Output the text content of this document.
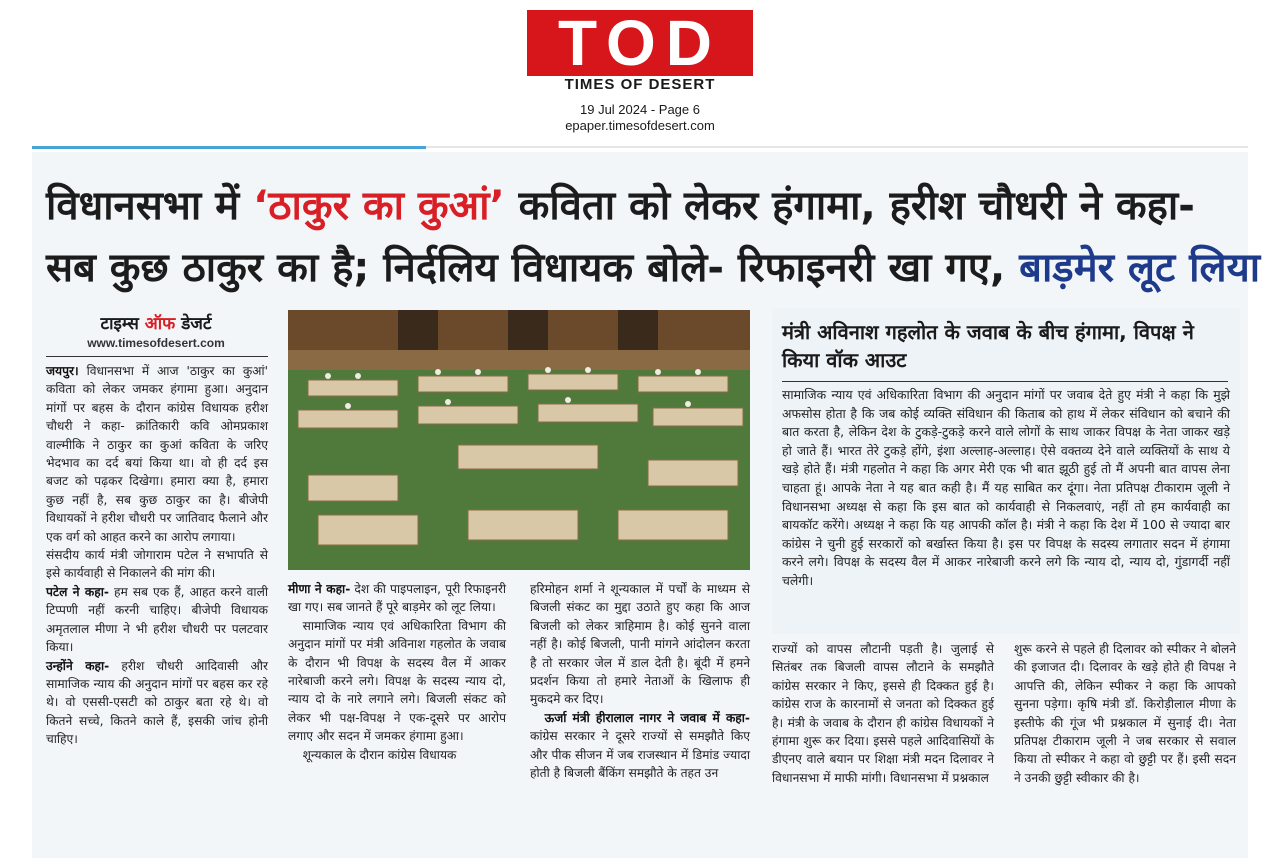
TOD
TIMES OF DESERT
19 Jul 2024 - Page 6
epaper.timesofdesert.com
विधानसभा में ‘ठाकुर का कुआं’ कविता को लेकर हंगामा, हरीश चौधरी ने कहा-
सब कुछ ठाकुर का है; निर्दलिय विधायक बोले- रिफाइनरी खा गए, बाड़मेर लूट लिया
टाइम्स ऑफ डेजर्ट
www.timesofdesert.com

जयपुर। विधानसभा में आज 'ठाकुर का कुआं' कविता को लेकर जमकर हंगामा हुआ। अनुदान मांगों पर बहस के दौरान कांग्रेस विधायक हरीश चौधरी ने कहा- क्रांतिकारी कवि ओमप्रकाश वाल्मीकि ने ठाकुर का कुआं कविता के जरिए भेदभाव का दर्द बयां किया था। वो ही दर्द इस बजट को पढ़कर दिखेगा। हमारा क्या है, हमारा कुछ नहीं है, सब कुछ ठाकुर का है। बीजेपी विधायकों ने हरीश चौधरी पर जातिवाद फैलाने और एक वर्ग को आहत करने का आरोप लगाया।

संसदीय कार्य मंत्री जोगाराम पटेल ने सभापति से इसे कार्यवाही से निकालने की मांग की।

पटेल ने कहा- हम सब एक हैं, आहत करने वाली टिप्पणी नहीं करनी चाहिए। बीजेपी विधायक अमृतलाल मीणा ने भी हरीश चौधरी पर पलटवार किया।

उन्होंने कहा- हरीश चौधरी आदिवासी और सामाजिक न्याय की अनुदान मांगों पर बहस कर रहे थे। वो एससी-एसटी को ठाकुर बता रहे थे। वो कितने सच्चे, कितने काले हैं, इसकी जांच होनी चाहिए।

मीणा ने कहा- देश की पाइपलाइन, पूरी रिफाइनरी खा गए। सब जानते हैं पूरे बाड़मेर को लूट लिया।

सामाजिक न्याय एवं अधिकारिता विभाग की अनुदान मांगों पर मंत्री अविनाश गहलोत के जवाब के दौरान भी विपक्ष के सदस्य वैल में आकर नारेबाजी करने लगे। विपक्ष के सदस्य न्याय दो, न्याय दो के नारे लगाने लगे। बिजली संकट को लेकर भी पक्ष-विपक्ष ने एक-दूसरे पर आरोप लगाए और सदन में जमकर हंगामा हुआ।

शून्यकाल के दौरान कांग्रेस विधायक

हरिमोहन शर्मा ने शून्यकाल में पर्चों के माध्यम से बिजली संकट का मुद्दा उठाते हुए कहा कि आज बिजली को लेकर त्राहिमाम है। कोई सुनने वाला नहीं है। कोई बिजली, पानी मांगने आंदोलन करता है तो सरकार जेल में डाल देती है। बूंदी में हमने प्रदर्शन किया तो हमारे नेताओं के खिलाफ ही मुकदमे कर दिए।

ऊर्जा मंत्री हीरालाल नागर ने जवाब में कहा- कांग्रेस सरकार ने दूसरे राज्यों से समझौते किए और पीक सीजन में जब राजस्थान में डिमांड ज्यादा होती है बिजली बैंकिंग समझौते के तहत उन

मंत्री अविनाश गहलोत के जवाब के बीच हंगामा, विपक्ष ने किया वॉक आउट

सामाजिक न्याय एवं अधिकारिता विभाग की अनुदान मांगों पर जवाब देते हुए मंत्री ने कहा कि मुझे अफसोस होता है कि जब कोई व्यक्ति संविधान की किताब को हाथ में लेकर संविधान को बचाने की बात करता है, लेकिन देश के टुकड़े-टुकड़े करने वाले लोगों के साथ जाकर विपक्ष के नेता जाकर खड़े हो जाते हैं। भारत तेरे टुकड़े होंगे, इंशा अल्लाह-अल्लाह। ऐसे वक्तव्य देने वाले व्यक्तियों के साथ ये खड़े होते हैं। मंत्री गहलोत ने कहा कि अगर मेरी एक भी बात झूठी हुई तो मैं अपनी बात वापस लेना चाहता हूं। आपके नेता ने यह बात कही है। मैं यह साबित कर दूंगा। नेता प्रतिपक्ष टीकाराम जूली ने विधानसभा अध्यक्ष से कहा कि इस बात को कार्यवाही से निकलवाएं, नहीं तो हम कार्यवाही का बायकॉट करेंगे। अध्यक्ष ने कहा कि यह आपकी कॉल है। मंत्री ने कहा कि देश में 100 से ज्यादा बार कांग्रेस ने चुनी हुई सरकारों को बर्खास्त किया है। इस पर विपक्ष के सदस्य लगातार सदन में हंगामा करने लगे। विपक्ष के सदस्य वैल में आकर नारेबाजी करने लगे कि न्याय दो, न्याय दो, गुंडागर्दी नहीं चलेगी।

राज्यों को वापस लौटानी पड़ती है। जुलाई से सितंबर तक बिजली वापस लौटाने के समझौते कांग्रेस सरकार ने किए, इससे ही दिक्कत हुई है। कांग्रेस राज के कारनामों से जनता को दिक्कत हुई है। मंत्री के जवाब के दौरान ही कांग्रेस विधायकों ने हंगामा शुरू कर दिया। इससे पहले आदिवासियों के डीएनए वाले बयान पर शिक्षा मंत्री मदन दिलावर ने विधानसभा में माफी मांगी। विधानसभा में प्रश्नकाल

शुरू करने से पहले ही दिलावर को स्पीकर ने बोलने की इजाजत दी। दिलावर के खड़े होते ही विपक्ष ने आपत्ति की, लेकिन स्पीकर ने कहा कि आपको सुनना पड़ेगा। कृषि मंत्री डॉ. किरोड़ीलाल मीणा के इस्तीफे की गूंज भी प्रश्नकाल में सुनाई दी। नेता प्रतिपक्ष टीकाराम जूली ने जब सरकार से सवाल किया तो स्पीकर ने कहा वो छुट्टी पर हैं। इसी सदन ने उनकी छुट्टी स्वीकार की है।
